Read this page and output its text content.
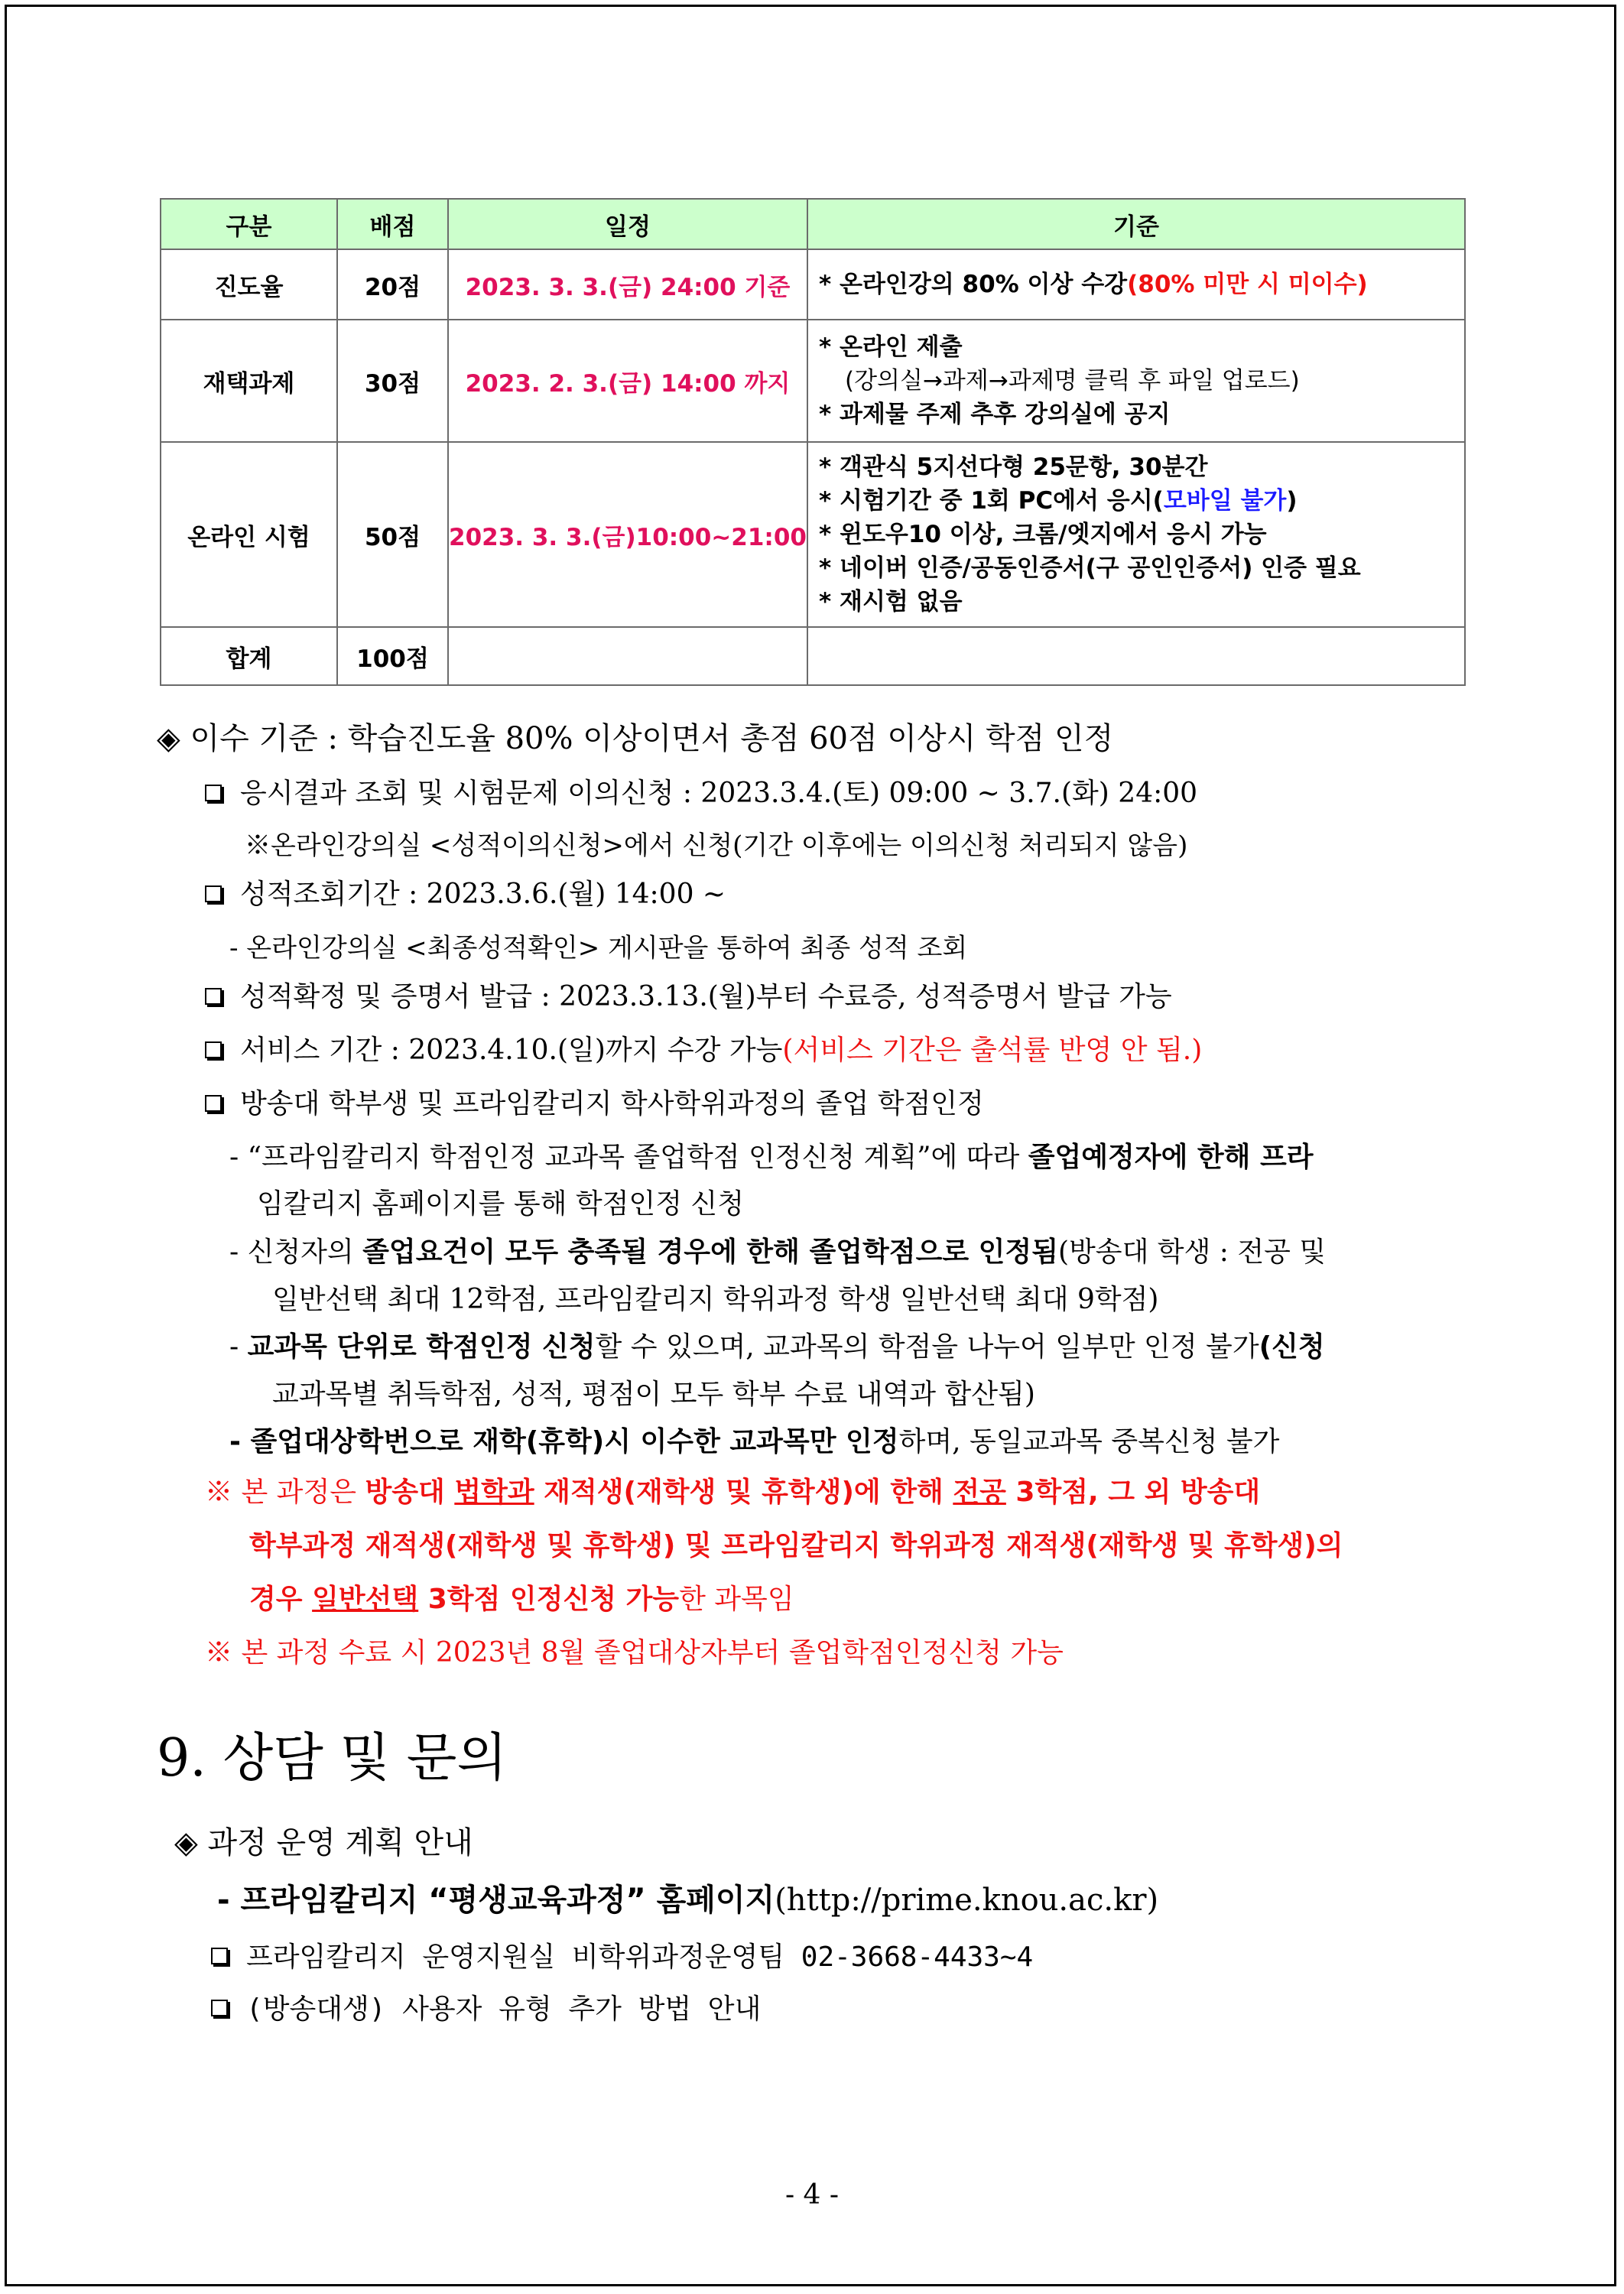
구분	배점	일정	기준
진도율	20점	2023. 3. 3.(금) 24:00 기준	* 온라인강의 80% 이상 수강(80% 미만 시 미이수)
재택과제	30점	2023. 2. 3.(금) 14:00 까지	* 온라인 제출
(강의실→과제→과제명 클릭 후 파일 업로드)
* 과제물 주제 추후 강의실에 공지

온라인 시험	50점	2023. 3. 3.(금)10:00~21:00	* 객관식 5지선다형 25문항, 30분간
* 시험기간 중 1회 PC에서 응시(모바일 불가)
* 윈도우10 이상, 크롬/엣지에서 응시 가능
* 네이버 인증/공동인증서(구 공인인증서) 인증 필요
* 재시험 없음

합계	100점		
◈ 이수 기준 : 학습진도율 80% 이상이면서 총점 60점 이상시 학점 인정
응시결과 조회 및 시험문제 이의신청 : 2023.3.4.(토) 09:00 ~ 3.7.(화) 24:00
※온라인강의실 <성적이의신청>에서 신청(기간 이후에는 이의신청 처리되지 않음)
성적조회기간 : 2023.3.6.(월) 14:00 ~
- 온라인강의실 <최종성적확인> 게시판을 통하여 최종 성적 조회
성적확정 및 증명서 발급 : 2023.3.13.(월)부터 수료증, 성적증명서 발급 가능
서비스 기간 : 2023.4.10.(일)까지 수강 가능(서비스 기간은 출석률 반영 안 됨.)
방송대 학부생 및 프라임칼리지 학사학위과정의 졸업 학점인정
- “프라임칼리지 학점인정 교과목 졸업학점 인정신청 계획”에 따라 졸업예정자에 한해 프라
임칼리지 홈페이지를 통해 학점인정 신청
- 신청자의 졸업요건이 모두 충족될 경우에 한해 졸업학점으로 인정됨(방송대 학생 : 전공 및
일반선택 최대 12학점, 프라임칼리지 학위과정 학생 일반선택 최대 9학점)
- 교과목 단위로 학점인정 신청할 수 있으며, 교과목의 학점을 나누어 일부만 인정 불가(신청
교과목별 취득학점, 성적, 평점이 모두 학부 수료 내역과 합산됨)
- 졸업대상학번으로 재학(휴학)시 이수한 교과목만 인정하며, 동일교과목 중복신청 불가
※ 본 과정은 방송대 법학과 재적생(재학생 및 휴학생)에 한해 전공 3학점, 그 외 방송대
학부과정 재적생(재학생 및 휴학생) 및 프라임칼리지 학위과정 재적생(재학생 및 휴학생)의
경우 일반선택 3학점 인정신청 가능한 과목임
※ 본 과정 수료 시 2023년 8월 졸업대상자부터 졸업학점인정신청 가능
9. 상담 및 문의
◈ 과정 운영 계획 안내
- 프라임칼리지 “평생교육과정” 홈페이지(http://prime.knou.ac.kr)
프라임칼리지 운영지원실 비학위과정운영팀 02-3668-4433~4
(방송대생) 사용자 유형 추가 방법 안내
- 4 -
